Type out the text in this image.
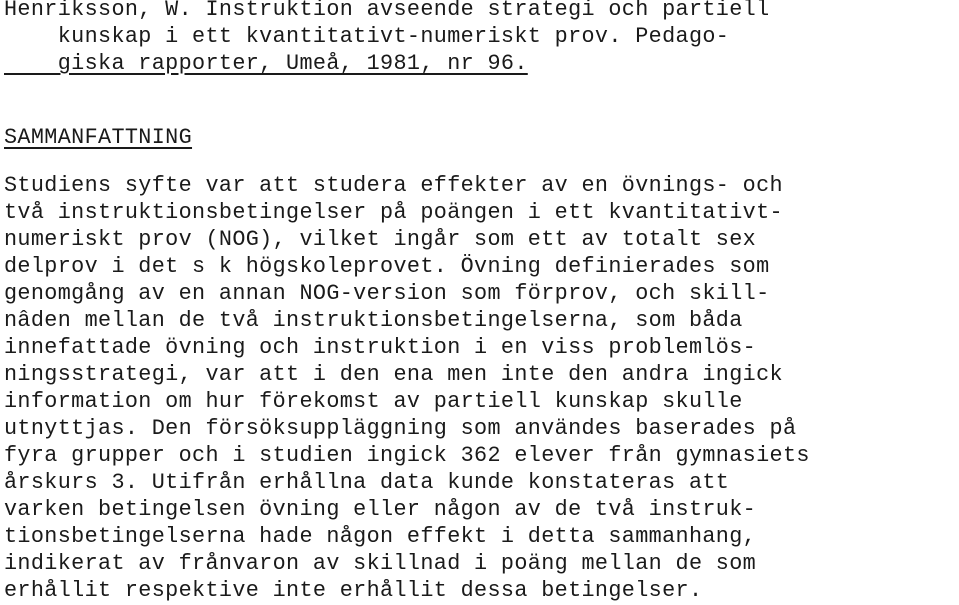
Henriksson, W. Instruktion avseende strategi och partiell
kunskap i ett kvantitativt-numeriskt prov. Pedago-
giska rapporter, Umeå, 1981, nr 96.
SAMMANFATTNING
Studiens syfte var att studera effekter av en övnings- och
två instruktionsbetingelser på poängen i ett kvantitativt-
numeriskt prov (NOG), vilket ingår som ett av totalt sex
delprov i det s k högskoleprovet. Övning definierades som
genomgång av en annan NOG-version som förprov, och skill-
nâden mellan de två instruktionsbetingelserna, som båda
innefattade övning och instruktion i en viss problemlös-
ningsstrategi, var att i den ena men inte den andra ingick
information om hur förekomst av partiell kunskap skulle
utnyttjas. Den försöksuppläggning som användes baserades på
fyra grupper och i studien ingick 362 elever från gymnasiets
årskurs 3. Utifrån erhållna data kunde konstateras att
varken betingelsen övning eller någon av de två instruk-
tionsbetingelserna hade någon effekt i detta sammanhang,
indikerat av frånvaron av skillnad i poäng mellan de som
erhållit respektive inte erhållit dessa betingelser.
